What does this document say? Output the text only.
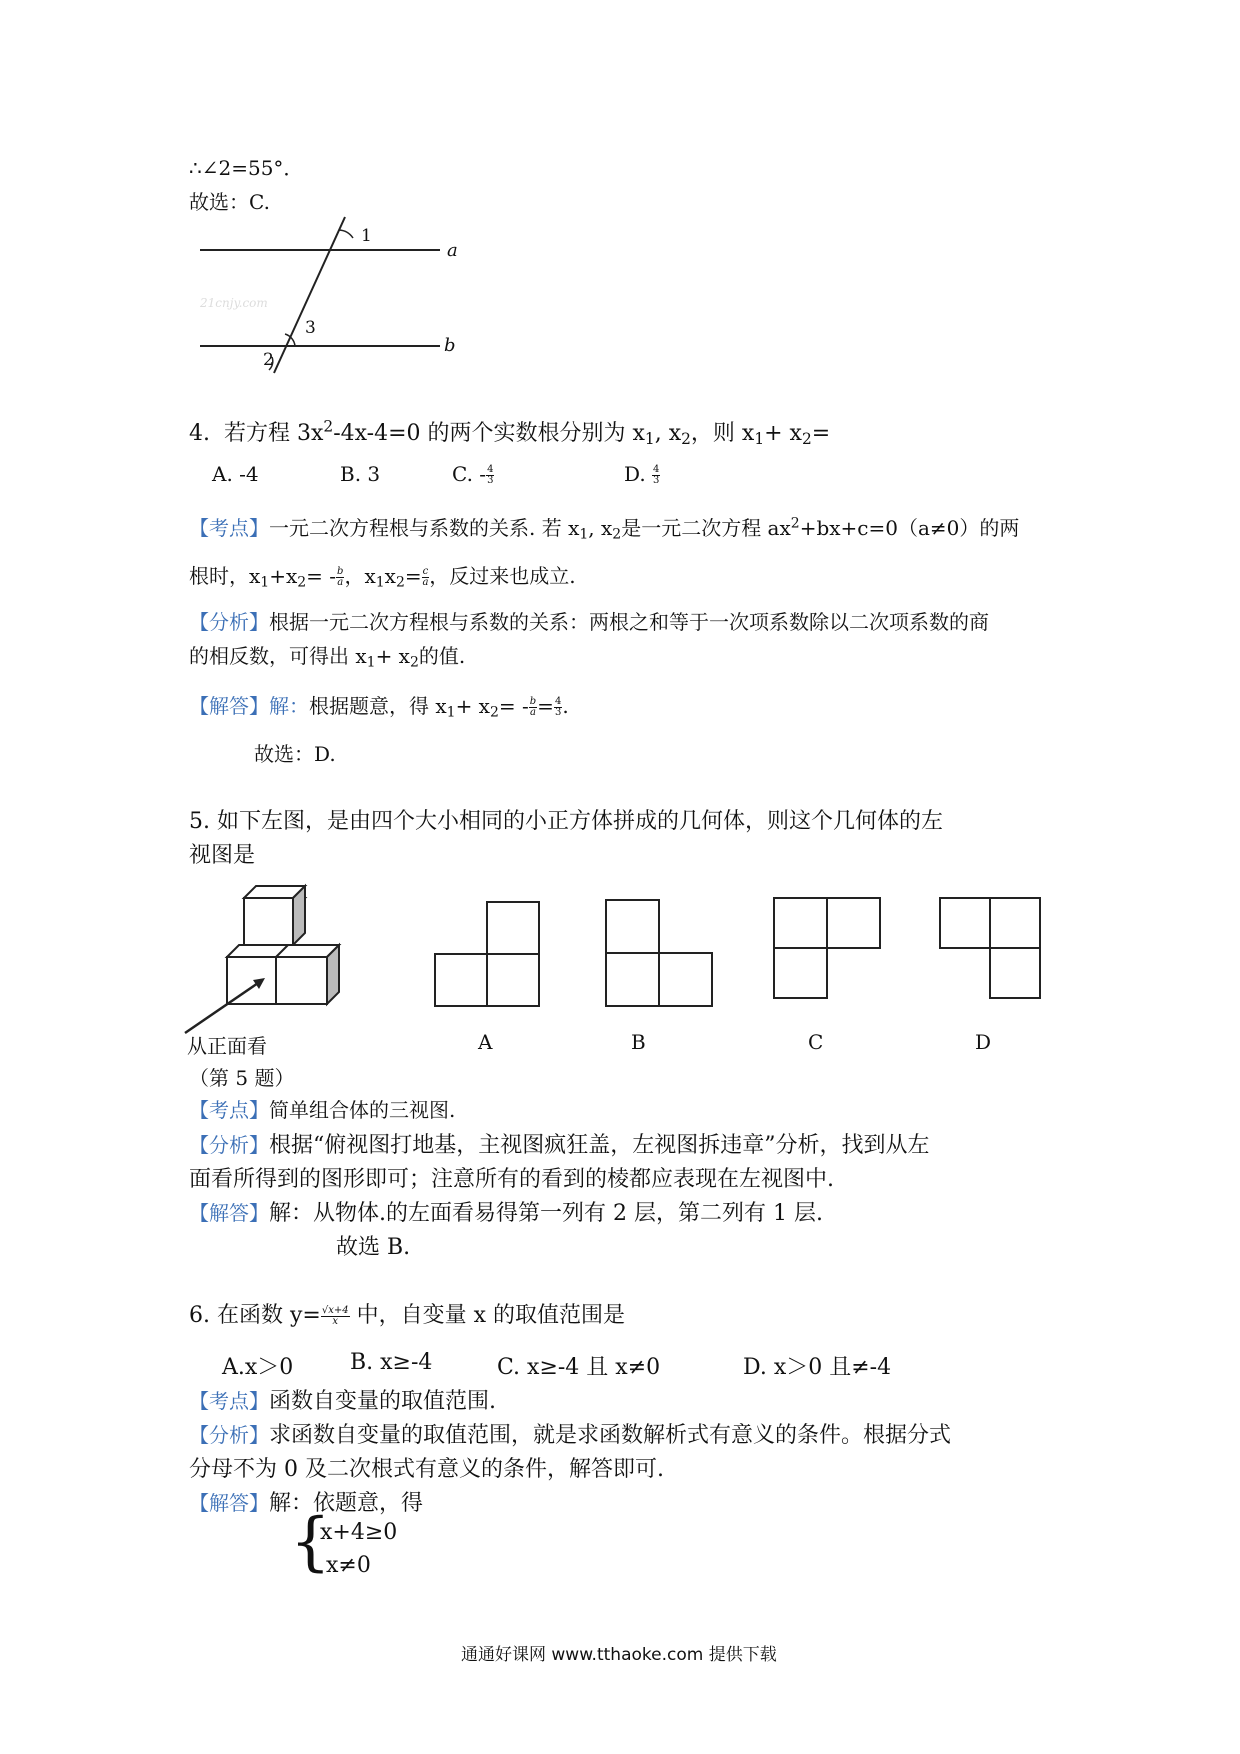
∴∠2=55°．
故选：C.
1
3
2
a
b
21cnjy.com
4. 若方程 $3x^2-4x-4=0$ 的两个实数根分别为 $x_1$, $x_2$，则 $x_1+ x_2=$
A. -4	B. 3	C. - $\frac{4}{3}$	D. $\frac{4}{3}$
【考点】一元二次方程根与系数的关系. 若 $x_1$, $x_2$是一元二次方程 $ax^2+bx+c=0(a\ne 0)$的两
根时，$x_1+x_2= - \frac{b}{a}$ ，$x_1x_2= \frac{c}{a}$ ，反过来也成立.
【分析】根据一元二次方程根与系数的关系：两根之和等于一次项系数除以二次项系数的商
的相反数，可得出 $x_1+ x_2$的值.
【解答】解：根据题意，得 $x_1+ x_2= - \frac{b}{a} = \frac{4}{3}$ .
故选：D.
5. 如下左图，是由四个大小相同的小正方体拼成的几何体，则这个几何体的左
视图是
从正面看	A	B	C	D
（第 5 题）
【考点】简单组合体的三视图.
【分析】根据“俯视图打地基，主视图疯狂盖，左视图拆违章”分析，找到从左
面看所得到的图形即可；注意所有的看到的棱都应表现在左视图中.
【解答】解：从物体.的左面看易得第一列有 2 层，第二列有 1 层.
故选 B.
6. 在函数 $y= \frac{√x+4}{x}$ 中，自变量 x 的取值范围是
A.x＞0	B. x≥-4	C. x≥-4 且 x≠0	D. x＞0 且≠-4
【考点】函数自变量的取值范围.
【分析】求函数自变量的取值范围，就是求函数解析式有意义的条件。根据分式
分母不为 0 及二次根式有意义的条件，解答即可.
【解答】解：依题意，得
{
x+4≥0
x≠0
通通好课网 www.tthaoke.com 提供下载
